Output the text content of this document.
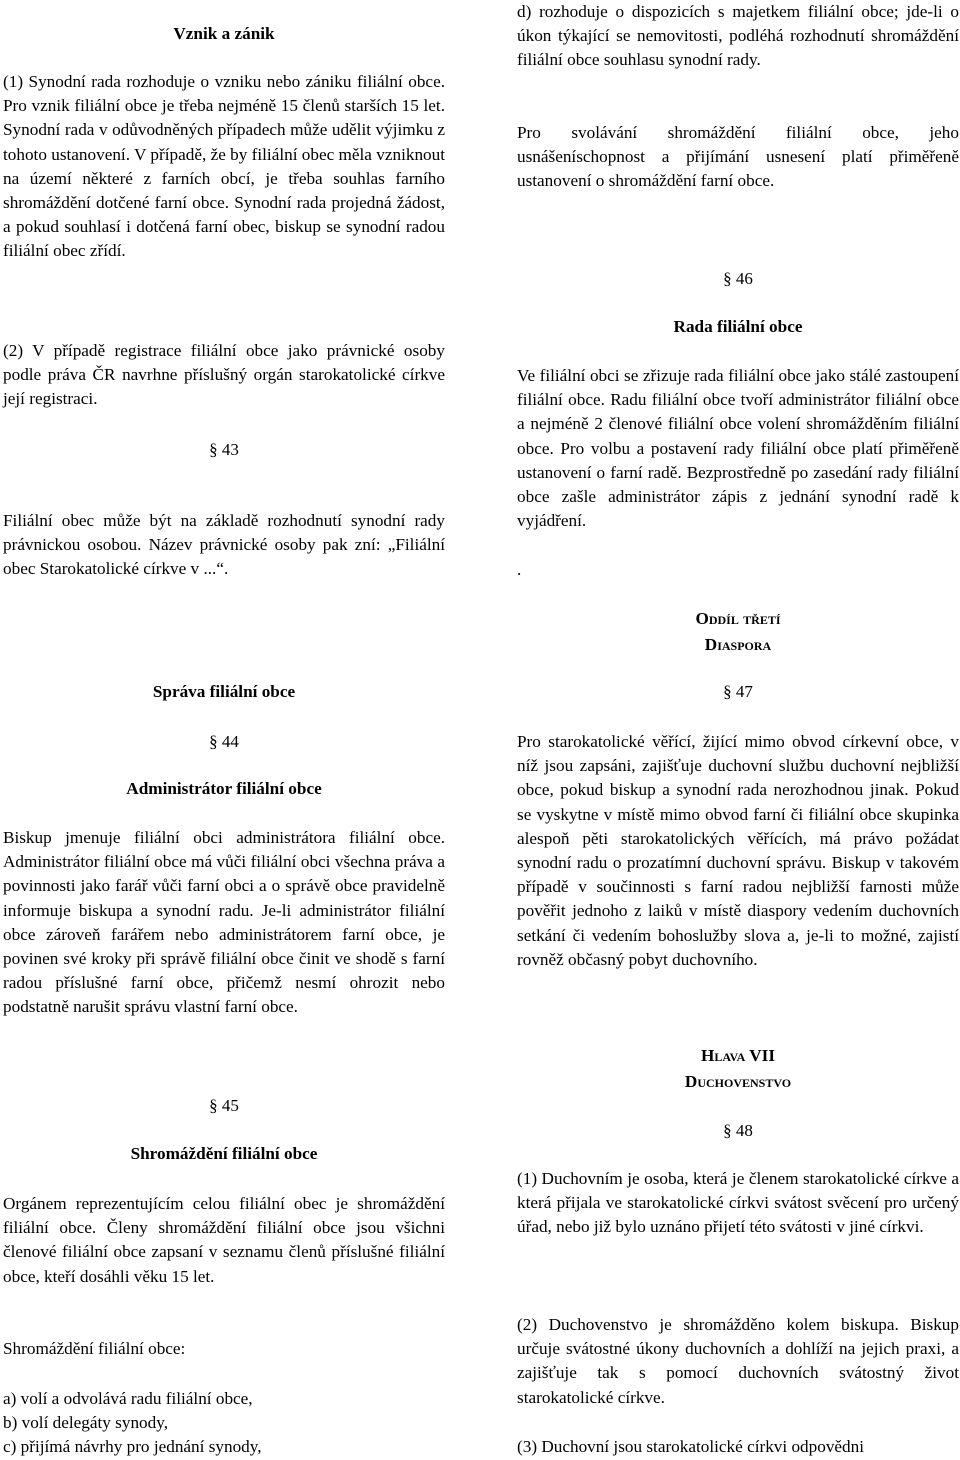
Vznik a zánik

(1) Synodní rada rozhoduje o vzniku nebo zániku filiální obce. Pro vznik filiální obce je třeba nejméně 15 členů starších 15 let. Synodní rada v odůvodněných případech může udělit výjimku z tohoto ustanovení. V případě, že by filiální obec měla vzniknout na území některé z farních obcí, je třeba souhlas farního shromáždění dotčené farní obce. Synodní rada projedná žádost, a pokud souhlasí i dotčená farní obec, biskup se synodní radou filiální obec zřídí.

(2) V případě registrace filiální obce jako právnické osoby podle práva ČR navrhne příslušný orgán starokatolické církve její registraci.

§ 43

Filiální obec může být na základě rozhodnutí synodní rady právnickou osobou. Název právnické osoby pak zní: „Filiální obec Starokatolické církve v ...“.

Správa filiální obce
§ 44
Administrátor filiální obce

Biskup jmenuje filiální obci administrátora filiální obce. Administrátor filiální obce má vůči filiální obci všechna práva a povinnosti jako farář vůči farní obci a o správě obce pravidelně informuje biskupa a synodní radu. Je-li administrátor filiální obce zároveň farářem nebo administrátorem farní obce, je povinen své kroky při správě filiální obce činit ve shodě s farní radou příslušné farní obce, přičemž nesmí ohrozit nebo podstatně narušit správu vlastní farní obce.

§ 45
Shromáždění filiální obce

Orgánem reprezentujícím celou filiální obec je shromáždění filiální obce. Členy shromáždění filiální obce jsou všichni členové filiální obce zapsaní v seznamu členů příslušné filiální obce, kteří dosáhli věku 15 let.

Shromáždění filiální obce:

a) volí a odvolává radu filiální obce,
b) volí delegáty synody,
c) přijímá návrhy pro jednání synody,

d) rozhoduje o dispozicích s majetkem filiální obce; jde-li o úkon týkající se nemovitosti, podléhá rozhodnutí shromáždění filiální obce souhlasu synodní rady.

Pro svolávání shromáždění filiální obce, jeho usnášeníschopnost a přijímání usnesení platí přiměřeně ustanovení o shromáždění farní obce.

§ 46
Rada filiální obce

Ve filiální obci se zřizuje rada filiální obce jako stálé zastoupení filiální obce. Radu filiální obce tvoří administrátor filiální obce a nejméně 2 členové filiální obce volení shromážděním filiální obce. Pro volbu a postavení rady filiální obce platí přiměřeně ustanovení o farní radě. Bezprostředně po zasedání rady filiální obce zašle administrátor zápis z jednání synodní radě k vyjádření.

.
Oddíl třetí
Diaspora
§ 47

Pro starokatolické věřící, žijící mimo obvod církevní obce, v níž jsou zapsáni, zajišťuje duchovní službu duchovní nejbližší obce, pokud biskup a synodní rada nerozhodnou jinak. Pokud se vyskytne v místě mimo obvod farní či filiální obce skupinka alespoň pěti starokatolických věřících, má právo požádat synodní radu o prozatímní duchovní správu. Biskup v takovém případě v součinnosti s farní radou nejbližší farnosti může pověřit jednoho z laiků v místě diaspory vedením duchovních setkání či vedením bohoslužby slova a, je-li to možné, zajistí rovněž občasný pobyt duchovního.

Hlava VII
Duchovenstvo
§ 48

(1) Duchovním je osoba, která je členem starokatolické církve a která přijala ve starokatolické církvi svátost svěcení pro určený úřad, nebo již bylo uznáno přijetí této svátosti v jiné církvi.

(2) Duchovenstvo je shromážděno kolem biskupa. Biskup určuje svátostné úkony duchovních a dohlíží na jejich praxi, a zajišťuje tak s pomocí duchovních svátostný život starokatolické církve.

(3) Duchovní jsou starokatolické církvi odpovědni
